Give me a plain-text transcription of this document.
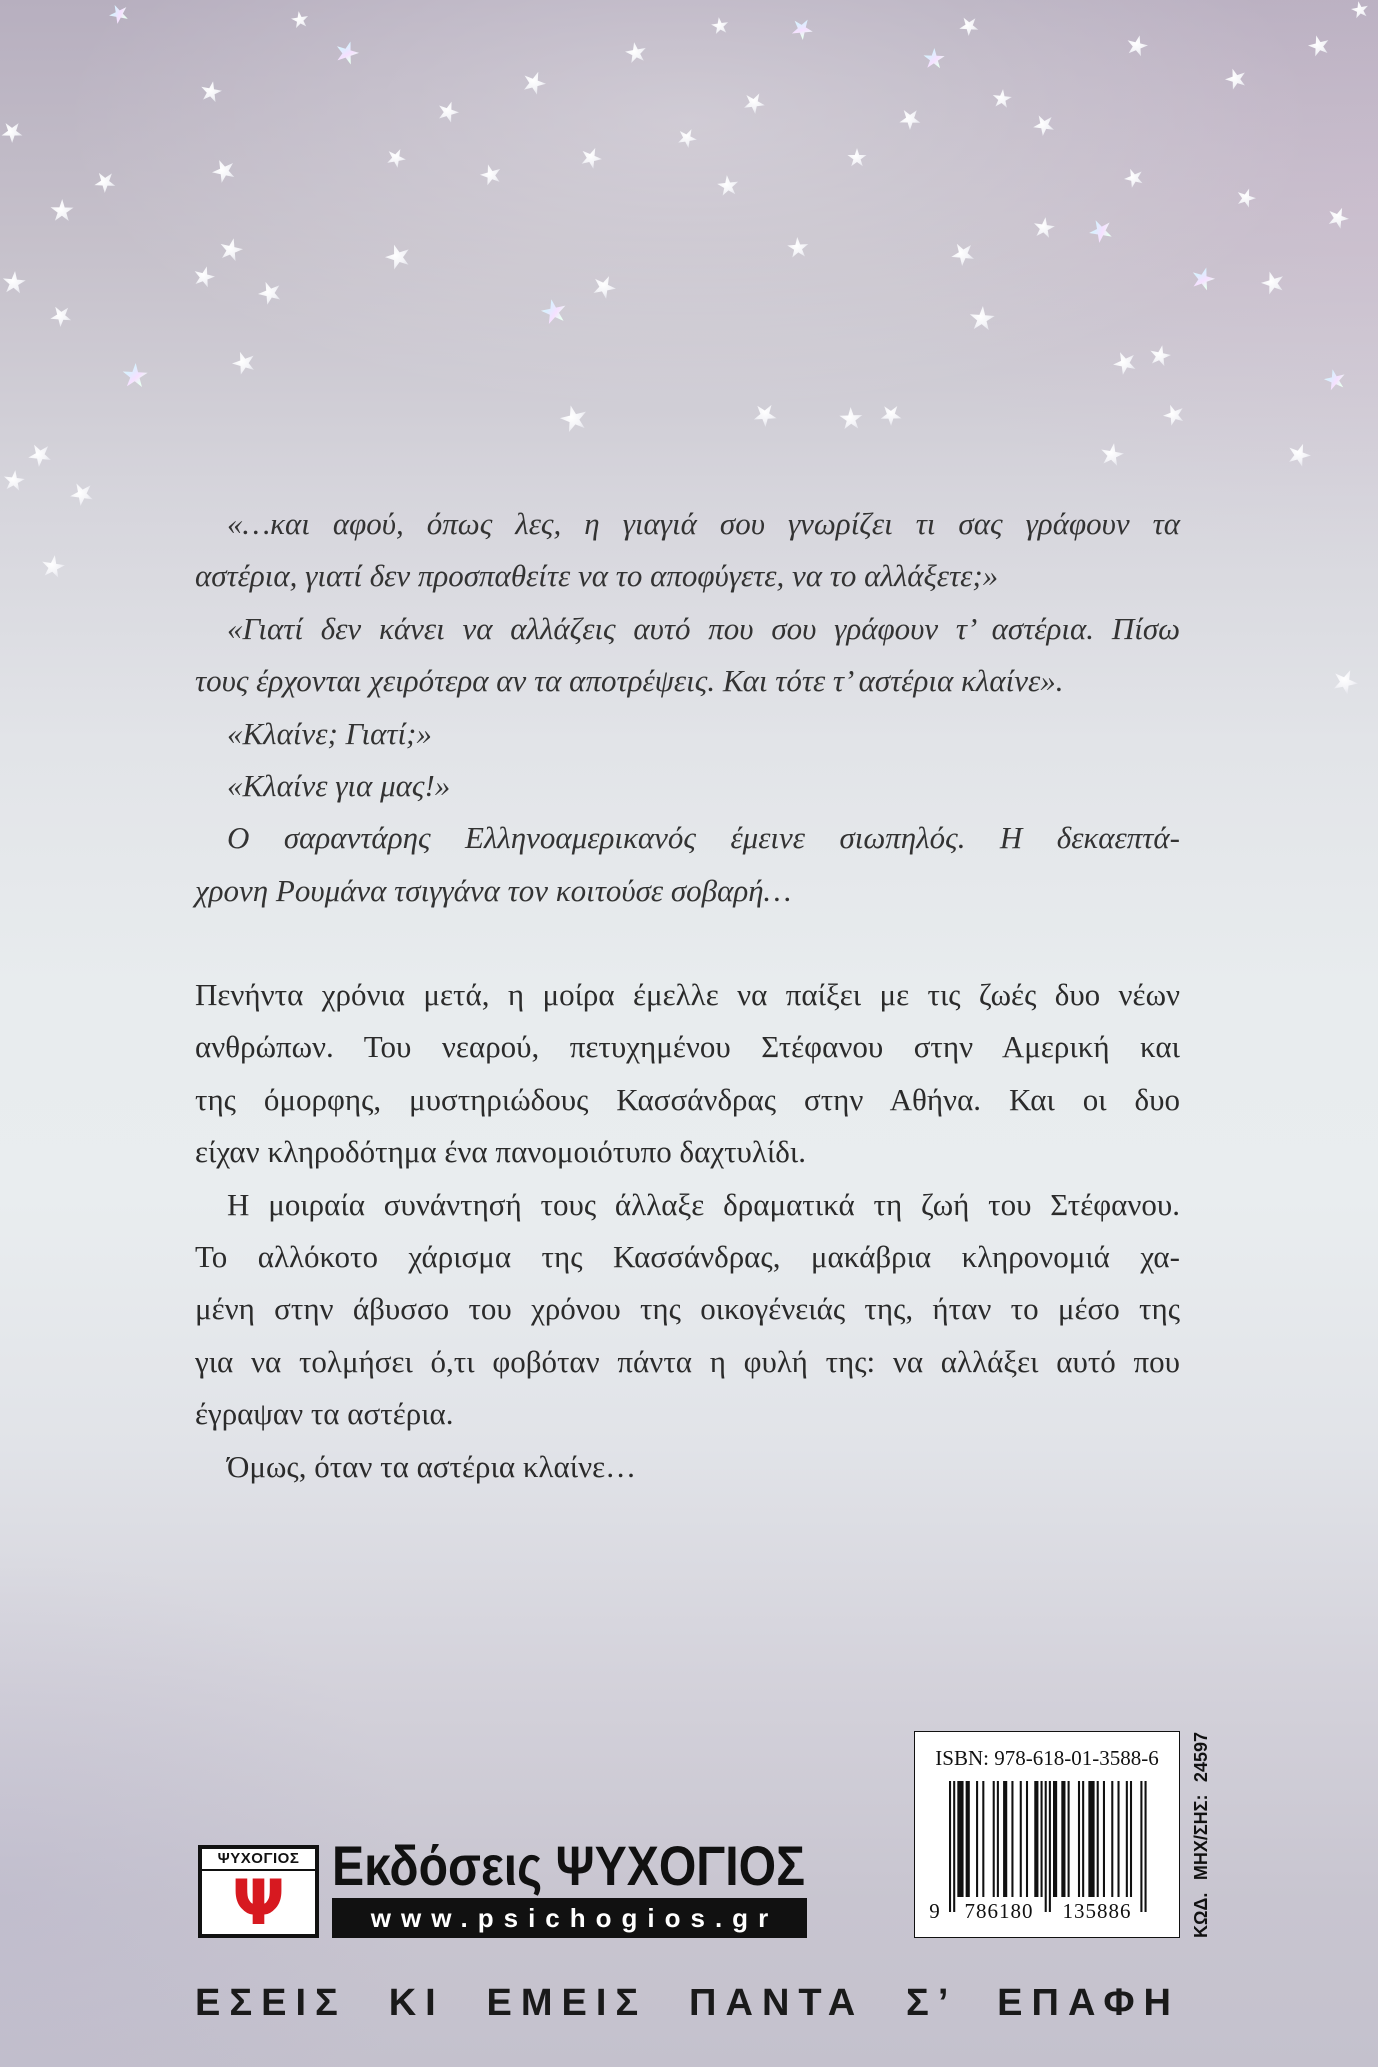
«…και αφού, όπως λες, η γιαγιά σου γνωρίζει τι σας γράφουν τα
αστέρια, γιατί δεν προσπαθείτε να το αποφύγετε, να το αλλάξετε;»
«Γιατί δεν κάνει να αλλάζεις αυτό που σου γράφουν τ’ αστέρια. Πίσω
τους έρχονται χειρότερα αν τα αποτρέψεις. Και τότε τ’ αστέρια κλαίνε».
«Κλαίνε; Γιατί;»
«Κλαίνε για μας!»
Ο σαραντάρης Ελληνοαμερικανός έμεινε σιωπηλός. Η δεκαεπτά-
χρονη Ρουμάνα τσιγγάνα τον κοιτούσε σοβαρή…
Πενήντα χρόνια μετά, η μοίρα έμελλε να παίξει με τις ζωές δυο νέων
ανθρώπων. Του νεαρού, πετυχημένου Στέφανου στην Αμερική και
της όμορφης, μυστηριώδους Κασσάνδρας στην Αθήνα. Και οι δυο
είχαν κληροδότημα ένα πανομοιότυπο δαχτυλίδι.
Η μοιραία συνάντησή τους άλλαξε δραματικά τη ζωή του Στέφανου.
Το αλλόκοτο χάρισμα της Κασσάνδρας, μακάβρια κληρονομιά χα-
μένη στην άβυσσο του χρόνου της οικογένειάς της, ήταν το μέσο της
για να τολμήσει ό,τι φοβόταν πάντα η φυλή της: να αλλάξει αυτό που
έγραψαν τα αστέρια.
Όμως, όταν τα αστέρια κλαίνε…
ΨΥΧΟΓΙΟΣ
Ψ
Εκδόσεις ΨΥΧΟΓΙΟΣ
www.psichogios.gr
ΕΣΕΙΣ ΚΙ ΕΜΕΙΣ ΠΑΝΤΑ Σ’ ΕΠΑΦΗ
ISBN: 978-618-01-3588-6
9	786180	135886	ΚΩΔ. ΜΗΧ/ΣΗΣ: 24597
